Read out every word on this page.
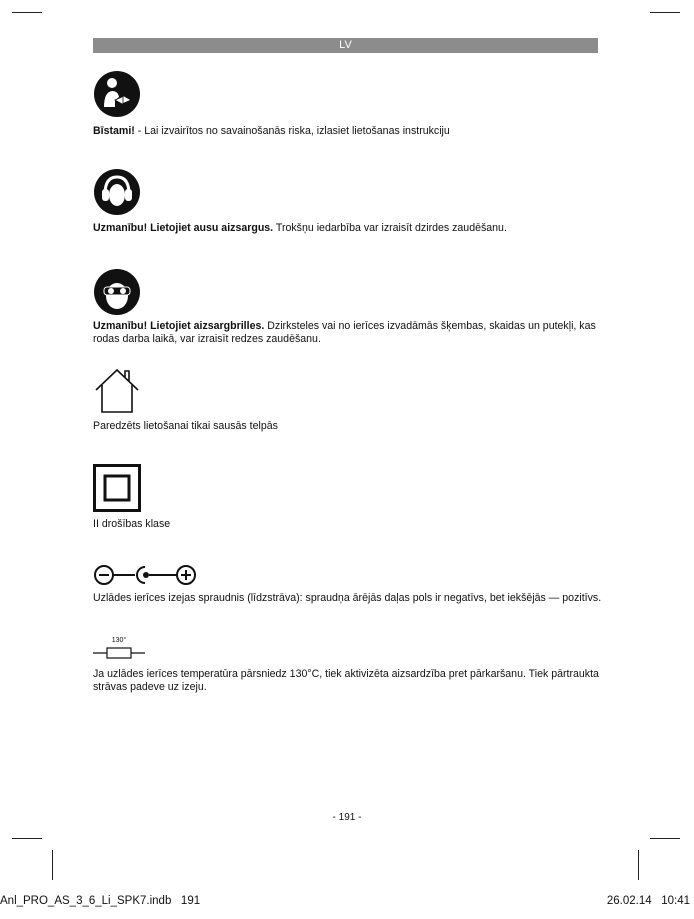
LV
Bīstami! - Lai izvairītos no savainošanās riska, izlasiet lietošanas instrukciju
Uzmanību! Lietojiet ausu aizsargus. Trokšņu iedarbība var izraisīt dzirdes zaudēšanu.
Uzmanību! Lietojiet aizsargbrilles. Dzirksteles vai no ierīces izvadāmās šķembas, skaidas un putekļi, kas rodas darba laikā, var izraisīt redzes zaudēšanu.
Paredzēts lietošanai tikai sausās telpās
II drošības klase
Uzlādes ierīces izejas spraudnis (līdzstrāva): spraudņa ārējās daļas pols ir negatīvs, bet iekšējās — pozitīvs.
130°
Ja uzlādes ierīces temperatūra pārsniedz 130°C, tiek aktivizēta aizsardzība pret pārkaršanu. Tiek pārtraukta strāvas padeve uz izeju.
- 191 -
Anl_PRO_AS_3_6_Li_SPK7.indb   191	26.02.14   10:41
